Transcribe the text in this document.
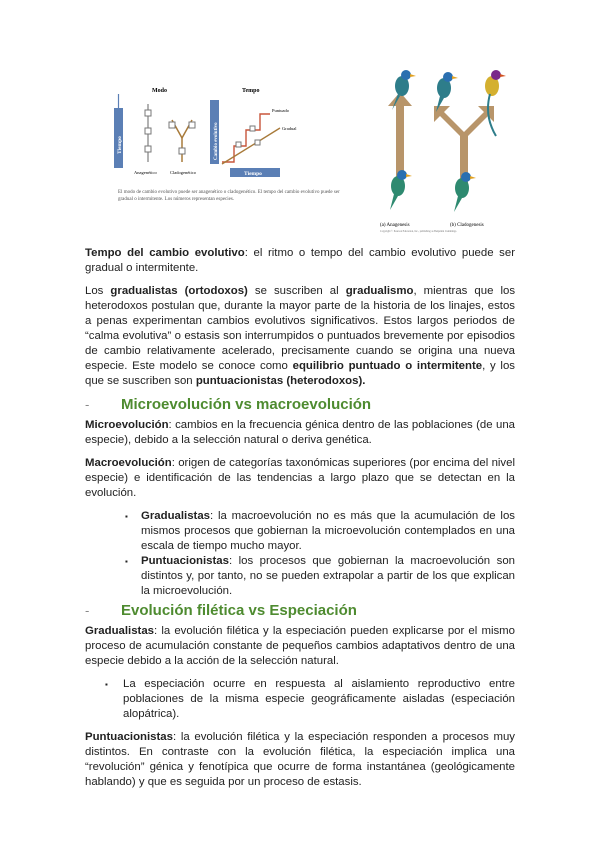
Modo	Tempo
Tiempo
Anagenético	Cladogenético
Cambio evolutivo
Tiempo
Puntuado
Gradual
El modo de cambio evolutivo puede ser anagenético o cladogenético. El tempo del cambio evolutivo puede ser gradual o intermitente. Los números representan especies.
(a) Anagenesis	(b) Cladogenesis
Copyright © Pearson Education, Inc., publishing as Benjamin Cummings.

Tempo del cambio evolutivo: el ritmo o tempo del cambio evolutivo puede ser gradual o intermitente.

Los gradualistas (ortodoxos) se suscriben al gradualismo, mientras que los heterodoxos postulan que, durante la mayor parte de la historia de los linajes, estos a penas experimentan cambios evolutivos significativos. Estos largos periodos de “calma evolutiva” o estasis son interrumpidos o puntuados brevemente por episodios de cambio relativamente acelerado, precisamente cuando se origina una nueva especie. Este modelo se conoce como equilibrio puntuado o intermitente, y los que se suscriben son puntuacionistas (heterodoxos).

-	Microevolución vs macroevolución

Microevolución: cambios en la frecuencia génica dentro de las poblaciones (de una especie), debido a la selección natural o deriva genética.

Macroevolución: origen de categorías taxonómicas superiores (por encima del nivel especie) e identificación de las tendencias a largo plazo que se detectan en la evolución.

▪ Gradualistas: la macroevolución no es más que la acumulación de los mismos procesos que gobiernan la microevolución contemplados en una escala de tiempo mucho mayor.
▪ Puntuacionistas: los procesos que gobiernan la macroevolución son distintos y, por tanto, no se pueden extrapolar a partir de los que explican la microevolución.
-	Evolución filética vs Especiación

Gradualistas: la evolución filética y la especiación pueden explicarse por el mismo proceso de acumulación constante de pequeños cambios adaptativos dentro de una especie debido a la acción de la selección natural.

▪ La especiación ocurre en respuesta al aislamiento reproductivo entre poblaciones de la misma especie geográficamente aisladas (especiación alopátrica).

Puntuacionistas: la evolución filética y la especiación responden a procesos muy distintos. En contraste con la evolución filética, la especiación implica una “revolución” génica y fenotípica que ocurre de forma instantánea (geológicamente hablando) y que es seguida por un proceso de estasis.
